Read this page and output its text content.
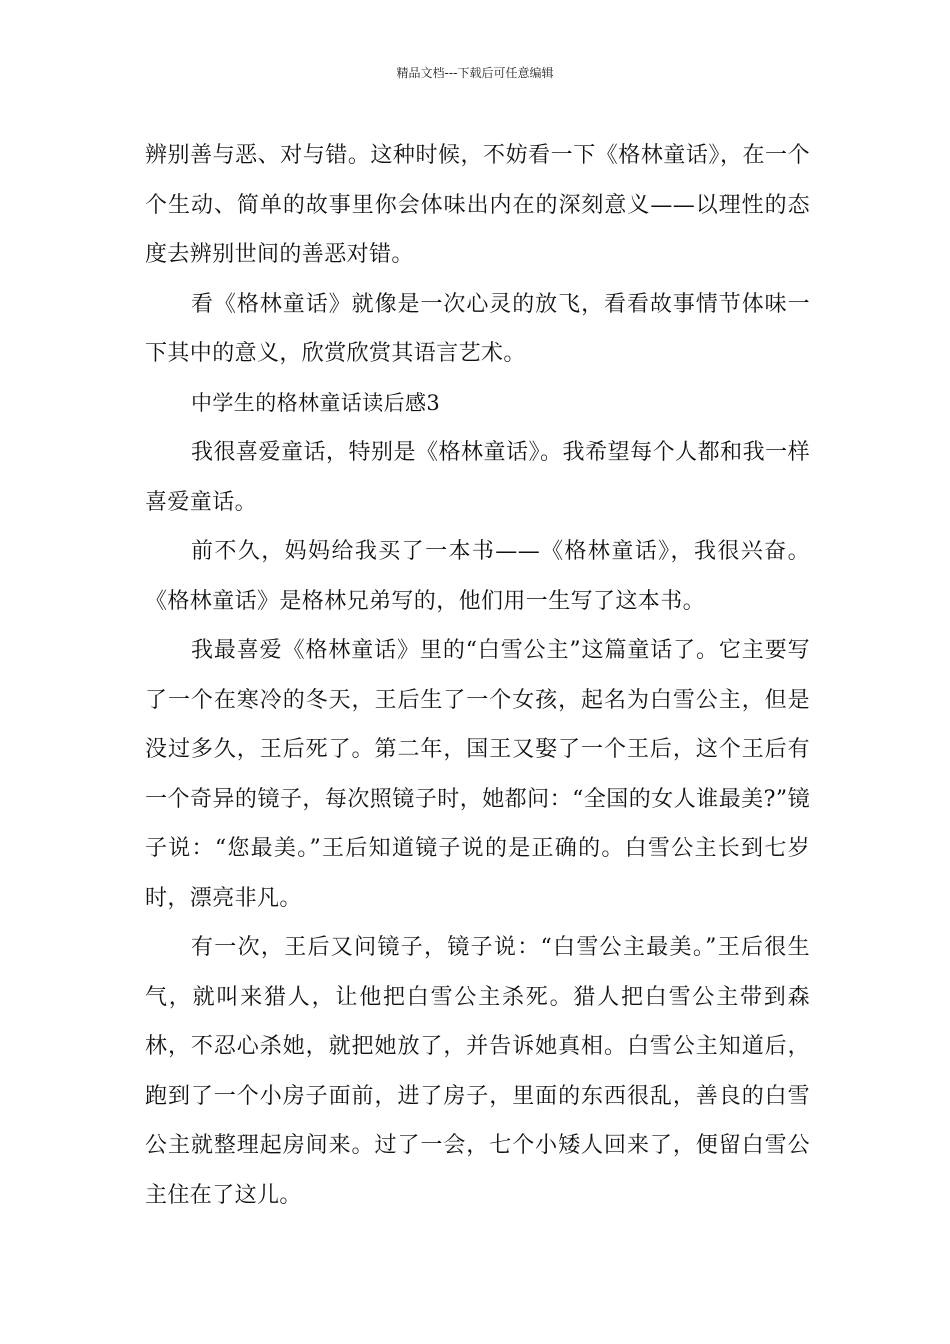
精品文档---下载后可任意编辑

辨别善与恶、对与错。这种时候，不妨看一下《格林童话》，在一个个生动、简单的故事里你会体味出内在的深刻意义——以理性的态度去辨别世间的善恶对错。

看《格林童话》就像是一次心灵的放飞，看看故事情节体味一下其中的意义，欣赏欣赏其语言艺术。

中学生的格林童话读后感3

我很喜爱童话，特别是《格林童话》。我希望每个人都和我一样喜爱童话。

前不久，妈妈给我买了一本书——《格林童话》，我很兴奋。《格林童话》是格林兄弟写的，他们用一生写了这本书。

我最喜爱《格林童话》里的“白雪公主”这篇童话了。它主要写了一个在寒冷的冬天，王后生了一个女孩，起名为白雪公主，但是没过多久，王后死了。第二年，国王又娶了一个王后，这个王后有一个奇异的镜子，每次照镜子时，她都问：“全国的女人谁最美?”镜子说：“您最美。”王后知道镜子说的是正确的。白雪公主长到七岁时，漂亮非凡。

有一次，王后又问镜子，镜子说：“白雪公主最美。”王后很生气，就叫来猎人，让他把白雪公主杀死。猎人把白雪公主带到森林，不忍心杀她，就把她放了，并告诉她真相。白雪公主知道后，跑到了一个小房子面前，进了房子，里面的东西很乱，善良的白雪公主就整理起房间来。过了一会，七个小矮人回来了，便留白雪公主住在了这儿。
